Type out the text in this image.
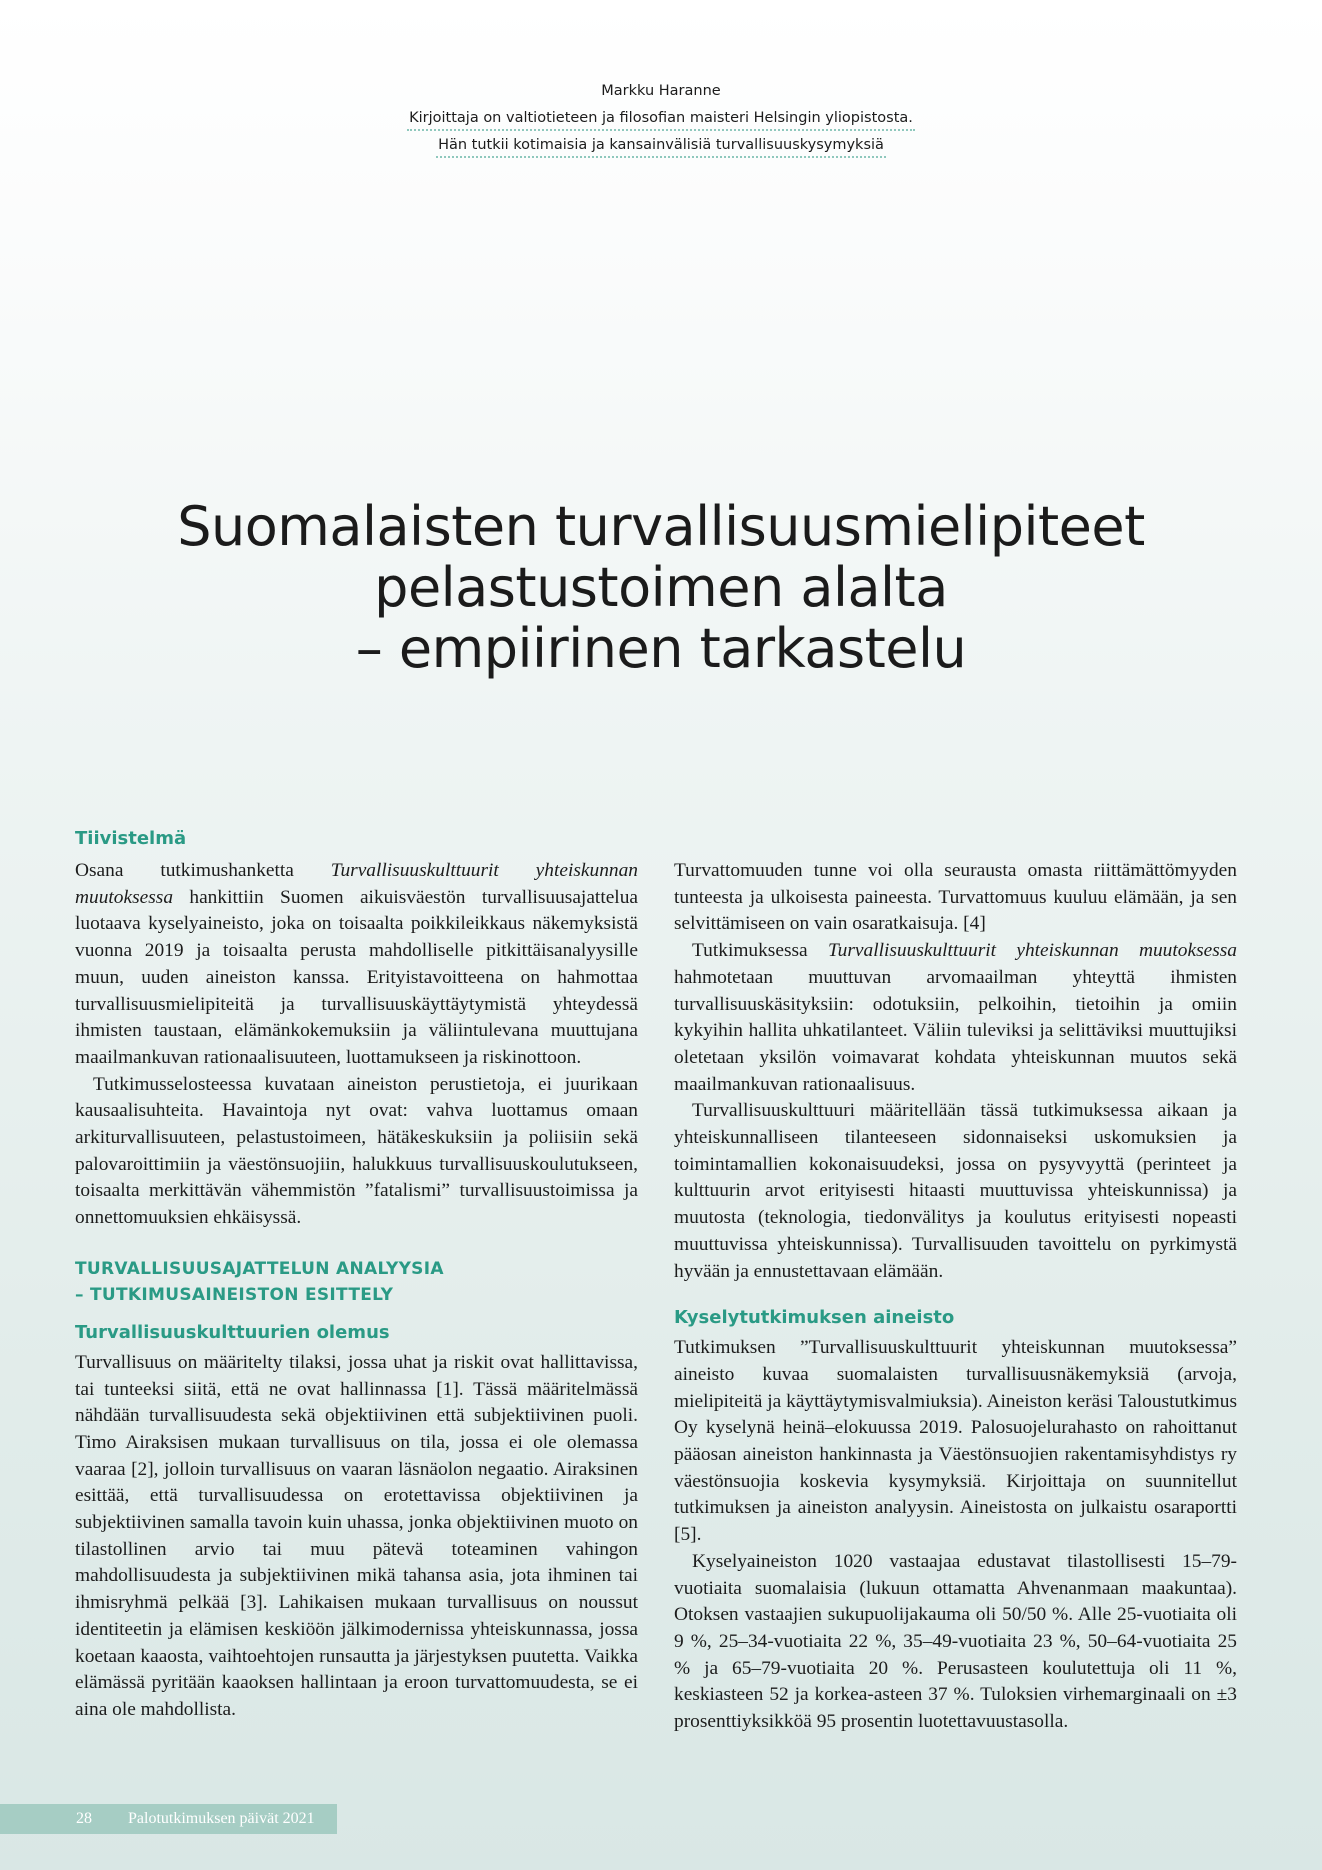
Markku Haranne
Kirjoittaja on valtiotieteen ja filosofian maisteri Helsingin yliopistosta.
Hän tutkii kotimaisia ja kansainvälisiä turvallisuuskysymyksiä
Suomalaisten turvallisuusmielipiteet
pelastustoimen alalta
– empiirinen tarkastelu
Tiivistelmä

Osana tutkimushanketta Turvallisuuskulttuurit yhteiskunnan muutoksessa hankittiin Suomen aikuisväestön turvallisuusajattelua luotaava kyselyaineisto, joka on toisaalta poikkileikkaus näkemyksistä vuonna 2019 ja toisaalta perusta mahdolliselle pitkittäisanalyysille muun, uuden aineiston kanssa. Erityistavoitteena on hahmottaa turvallisuusmielipiteitä ja turvallisuuskäyttäytymistä yhteydessä ihmisten taustaan, elämänkokemuksiin ja väliintulevana muuttujana maailmankuvan rationaalisuuteen, luottamukseen ja riskinottoon.

Tutkimusselosteessa kuvataan aineiston perustietoja, ei juurikaan kausaalisuhteita. Havaintoja nyt ovat: vahva luottamus omaan arkiturvallisuuteen, pelastustoimeen, hätäkeskuksiin ja poliisiin sekä palovaroittimiin ja väestönsuojiin, halukkuus turvallisuuskoulutukseen, toisaalta merkittävän vähemmistön ”fatalismi” turvallisuustoimissa ja onnettomuuksien ehkäisyssä.

TURVALLISUUSAJATTELUN ANALYYSIA
– TUTKIMUSAINEISTON ESITTELY
Turvallisuuskulttuurien olemus

Turvallisuus on määritelty tilaksi, jossa uhat ja riskit ovat hallittavissa, tai tunteeksi siitä, että ne ovat hallinnassa [1]. Tässä määritelmässä nähdään turvallisuudesta sekä objektiivinen että subjektiivinen puoli. Timo Airaksisen mukaan turvallisuus on tila, jossa ei ole olemassa vaaraa [2], jolloin turvallisuus on vaaran läsnäolon negaatio. Airaksinen esittää, että turvallisuudessa on erotettavissa objektiivinen ja subjektiivinen samalla tavoin kuin uhassa, jonka objektiivinen muoto on tilastollinen arvio tai muu pätevä toteaminen vahingon mahdollisuudesta ja subjektiivinen mikä tahansa asia, jota ihminen tai ihmisryhmä pelkää [3]. Lahikaisen mukaan turvallisuus on noussut identiteetin ja elämisen keskiöön jälkimodernissa yhteiskunnassa, jossa koetaan kaaosta, vaihtoehtojen runsautta ja järjestyksen puutetta. Vaikka elämässä pyritään kaaoksen hallintaan ja eroon turvattomuudesta, se ei aina ole mahdollista.

Turvattomuuden tunne voi olla seurausta omasta riittämättömyyden tunteesta ja ulkoisesta paineesta. Turvattomuus kuuluu elämään, ja sen selvittämiseen on vain osaratkaisuja. [4]

Tutkimuksessa Turvallisuuskulttuurit yhteiskunnan muutoksessa hahmotetaan muuttuvan arvomaailman yhteyttä ihmisten turvallisuuskäsityksiin: odotuksiin, pelkoihin, tietoihin ja omiin kykyihin hallita uhkatilanteet. Väliin tuleviksi ja selittäviksi muuttujiksi oletetaan yksilön voimavarat kohdata yhteiskunnan muutos sekä maailmankuvan rationaalisuus.

Turvallisuuskulttuuri määritellään tässä tutkimuksessa aikaan ja yhteiskunnalliseen tilanteeseen sidonnaiseksi uskomuksien ja toimintamallien kokonaisuudeksi, jossa on pysyvyyttä (perinteet ja kulttuurin arvot erityisesti hitaasti muuttuvissa yhteiskunnissa) ja muutosta (teknologia, tiedonvälitys ja koulutus erityisesti nopeasti muuttuvissa yhteiskunnissa). Turvallisuuden tavoittelu on pyrkimystä hyvään ja ennustettavaan elämään.

Kyselytutkimuksen aineisto

Tutkimuksen ”Turvallisuuskulttuurit yhteiskunnan muutoksessa” aineisto kuvaa suomalaisten turvallisuusnäkemyksiä (arvoja, mielipiteitä ja käyttäytymisvalmiuksia). Aineiston keräsi Taloustutkimus Oy kyselynä heinä–elokuussa 2019. Palosuojelurahasto on rahoittanut pääosan aineiston hankinnasta ja Väestönsuojien rakentamisyhdistys ry väestönsuojia koskevia kysymyksiä. Kirjoittaja on suunnitellut tutkimuksen ja aineiston analyysin. Aineistosta on julkaistu osaraportti [5].

Kyselyaineiston 1020 vastaajaa edustavat tilastollisesti 15–79-vuotiaita suomalaisia (lukuun ottamatta Ahvenanmaan maakuntaa). Otoksen vastaajien sukupuolijakauma oli 50/50 %. Alle 25-vuotiaita oli 9 %, 25–34-vuotiaita 22 %, 35–49-vuotiaita 23 %, 50–64-vuotiaita 25 % ja 65–79-vuotiaita 20 %. Perusasteen koulutettuja oli 11 %, keskiasteen 52 ja korkea-asteen 37 %. Tuloksien virhemarginaali on ±3 prosenttiyksikköä 95 prosentin luotettavuustasolla.

28 Palotutkimuksen päivät 2021
